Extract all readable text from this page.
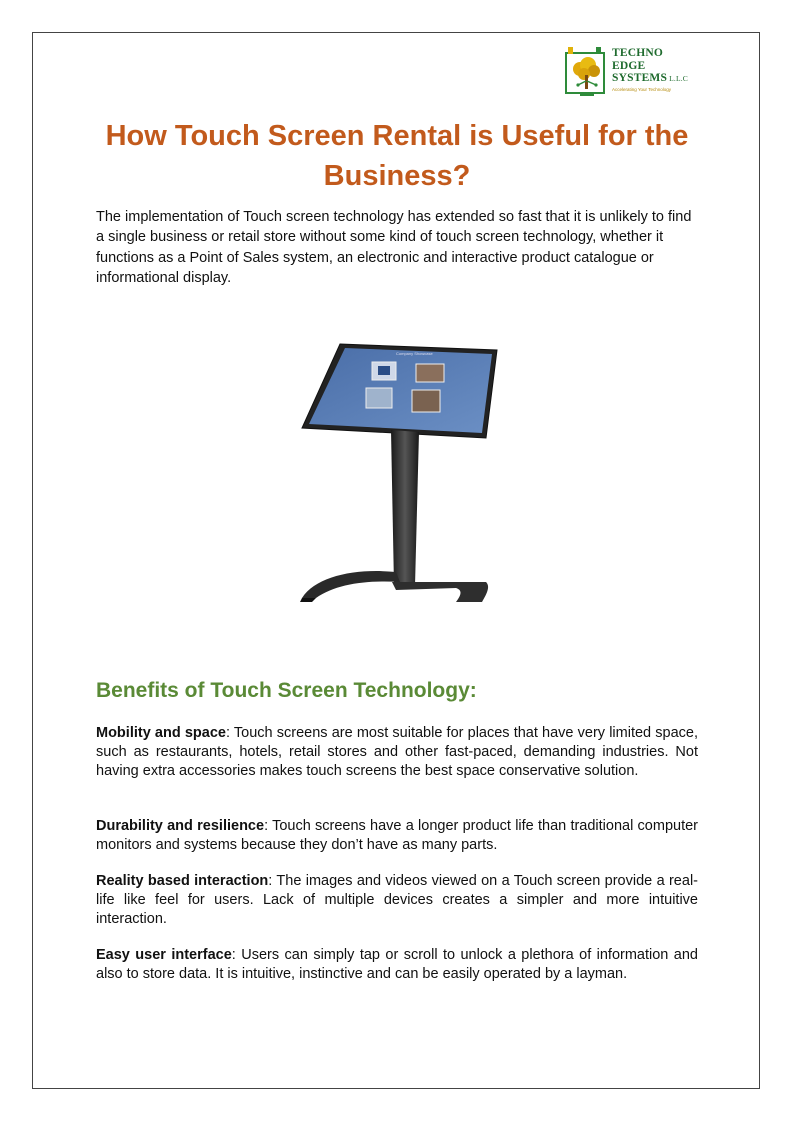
TECHNO
EDGE
SYSTEMS L.L.C
Accelerating Your Technology
How Touch Screen Rental is Useful for the Business?

The implementation of Touch screen technology has extended so fast that it is unlikely to find a single business or retail store without some kind of touch screen technology, whether it functions as a Point of Sales system, an electronic and interactive product catalogue or informational display.

Company Showcase
Benefits of Touch Screen Technology:

Mobility and space: Touch screens are most suitable for places that have very limited space, such as restaurants, hotels, retail stores and other fast-paced, demanding industries. Not having extra accessories makes touch screens the best space conservative solution.

Durability and resilience: Touch screens have a longer product life than traditional computer monitors and systems because they don’t have as many parts.

Reality based interaction: The images and videos viewed on a Touch screen provide a real-life like feel for users. Lack of multiple devices creates a simpler and more intuitive interaction.

Easy user interface: Users can simply tap or scroll to unlock a plethora of information and also to store data. It is intuitive, instinctive and can be easily operated by a layman.
